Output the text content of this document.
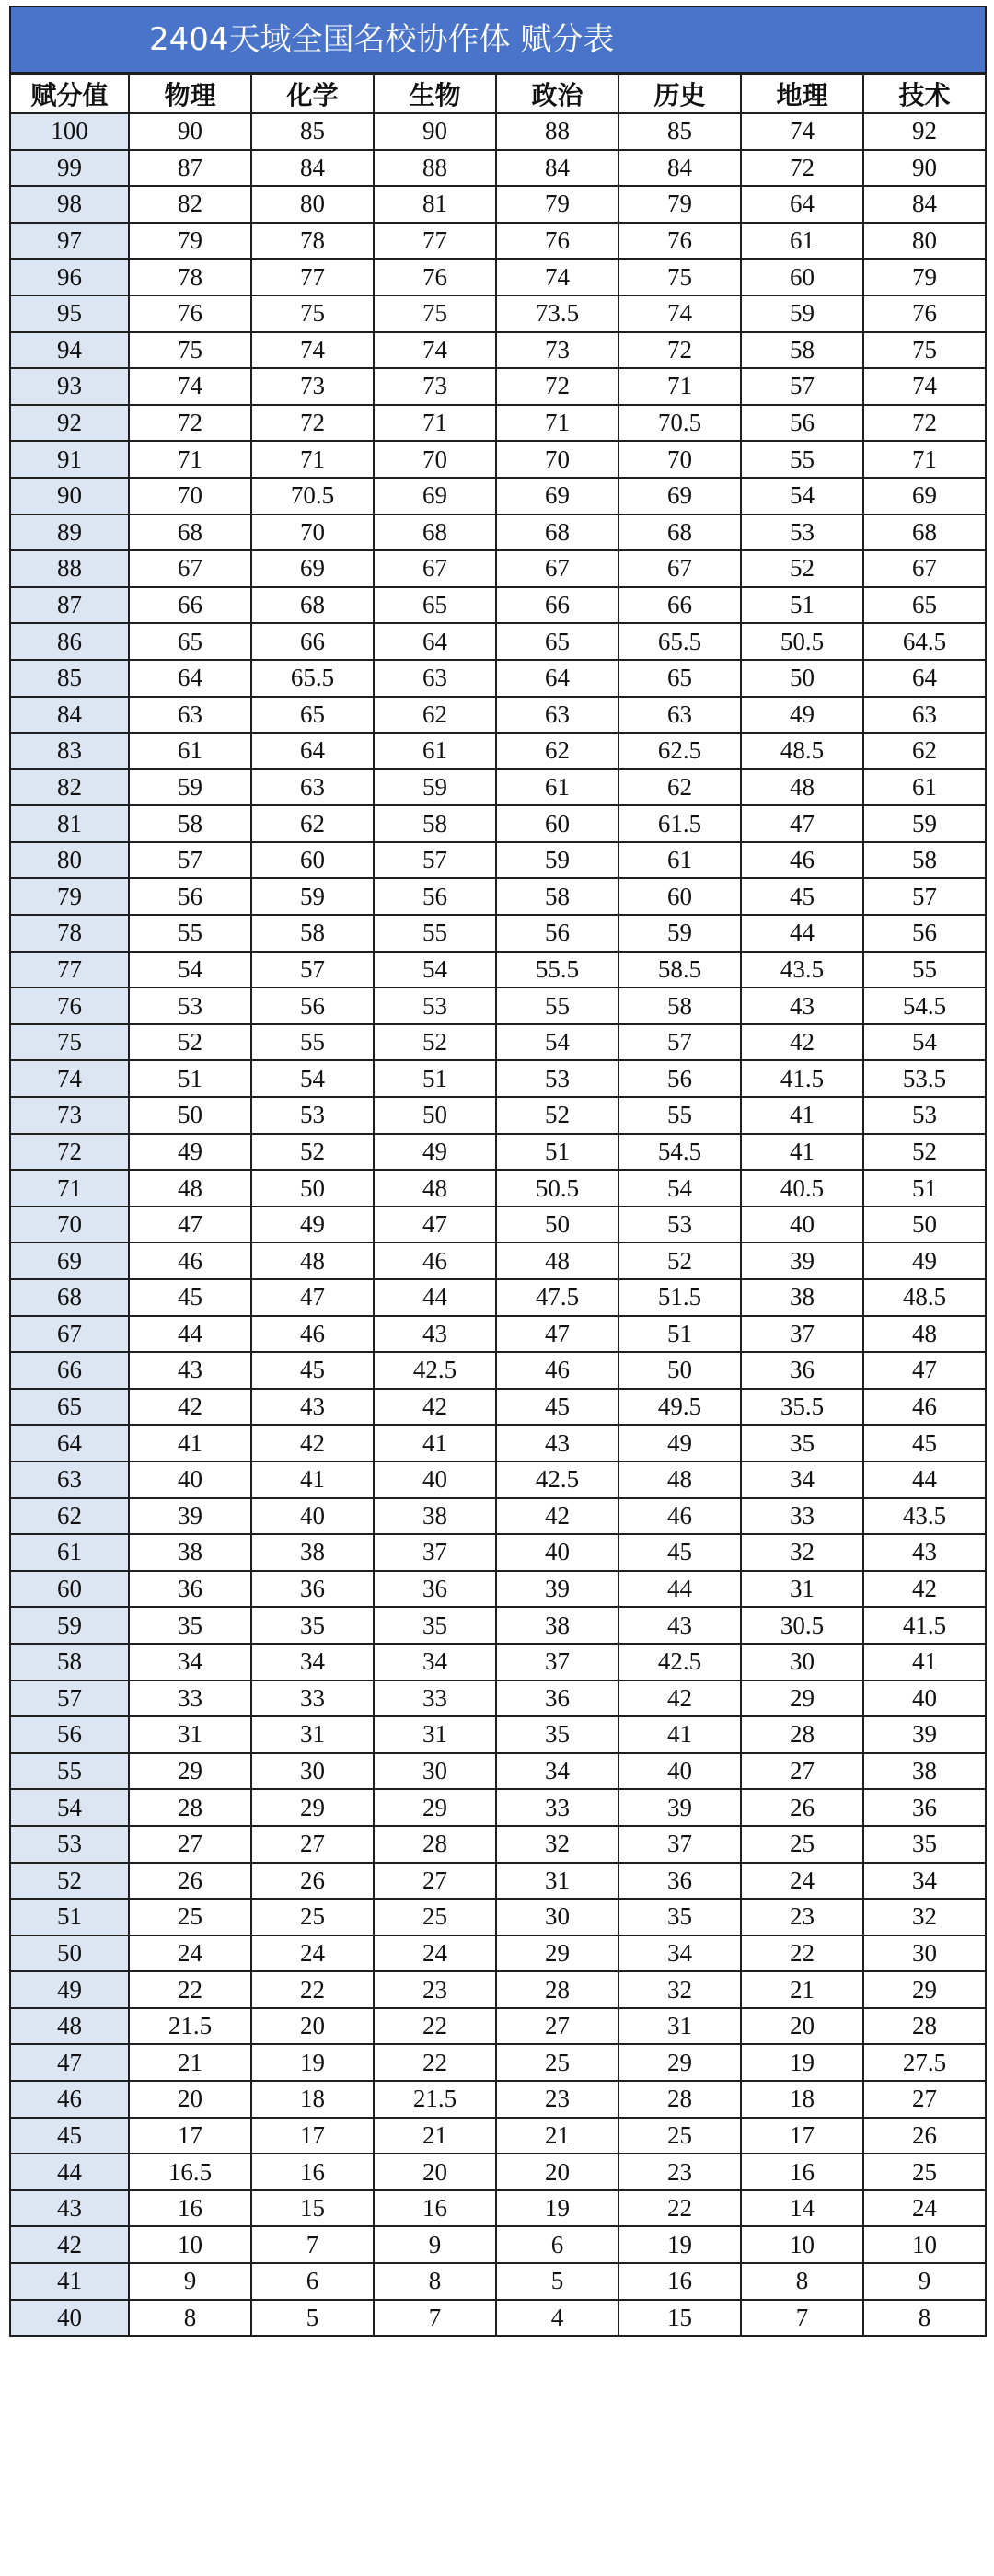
2404天域全国名校协作体 赋分表
赋分值	物理	化学	生物	政治	历史	地理	技术
100	90	85	90	88	85	74	92
99	87	84	88	84	84	72	90
98	82	80	81	79	79	64	84
97	79	78	77	76	76	61	80
96	78	77	76	74	75	60	79
95	76	75	75	73.5	74	59	76
94	75	74	74	73	72	58	75
93	74	73	73	72	71	57	74
92	72	72	71	71	70.5	56	72
91	71	71	70	70	70	55	71
90	70	70.5	69	69	69	54	69
89	68	70	68	68	68	53	68
88	67	69	67	67	67	52	67
87	66	68	65	66	66	51	65
86	65	66	64	65	65.5	50.5	64.5
85	64	65.5	63	64	65	50	64
84	63	65	62	63	63	49	63
83	61	64	61	62	62.5	48.5	62
82	59	63	59	61	62	48	61
81	58	62	58	60	61.5	47	59
80	57	60	57	59	61	46	58
79	56	59	56	58	60	45	57
78	55	58	55	56	59	44	56
77	54	57	54	55.5	58.5	43.5	55
76	53	56	53	55	58	43	54.5
75	52	55	52	54	57	42	54
74	51	54	51	53	56	41.5	53.5
73	50	53	50	52	55	41	53
72	49	52	49	51	54.5	41	52
71	48	50	48	50.5	54	40.5	51
70	47	49	47	50	53	40	50
69	46	48	46	48	52	39	49
68	45	47	44	47.5	51.5	38	48.5
67	44	46	43	47	51	37	48
66	43	45	42.5	46	50	36	47
65	42	43	42	45	49.5	35.5	46
64	41	42	41	43	49	35	45
63	40	41	40	42.5	48	34	44
62	39	40	38	42	46	33	43.5
61	38	38	37	40	45	32	43
60	36	36	36	39	44	31	42
59	35	35	35	38	43	30.5	41.5
58	34	34	34	37	42.5	30	41
57	33	33	33	36	42	29	40
56	31	31	31	35	41	28	39
55	29	30	30	34	40	27	38
54	28	29	29	33	39	26	36
53	27	27	28	32	37	25	35
52	26	26	27	31	36	24	34
51	25	25	25	30	35	23	32
50	24	24	24	29	34	22	30
49	22	22	23	28	32	21	29
48	21.5	20	22	27	31	20	28
47	21	19	22	25	29	19	27.5
46	20	18	21.5	23	28	18	27
45	17	17	21	21	25	17	26
44	16.5	16	20	20	23	16	25
43	16	15	16	19	22	14	24
42	10	7	9	6	19	10	10
41	9	6	8	5	16	8	9
40	8	5	7	4	15	7	8
